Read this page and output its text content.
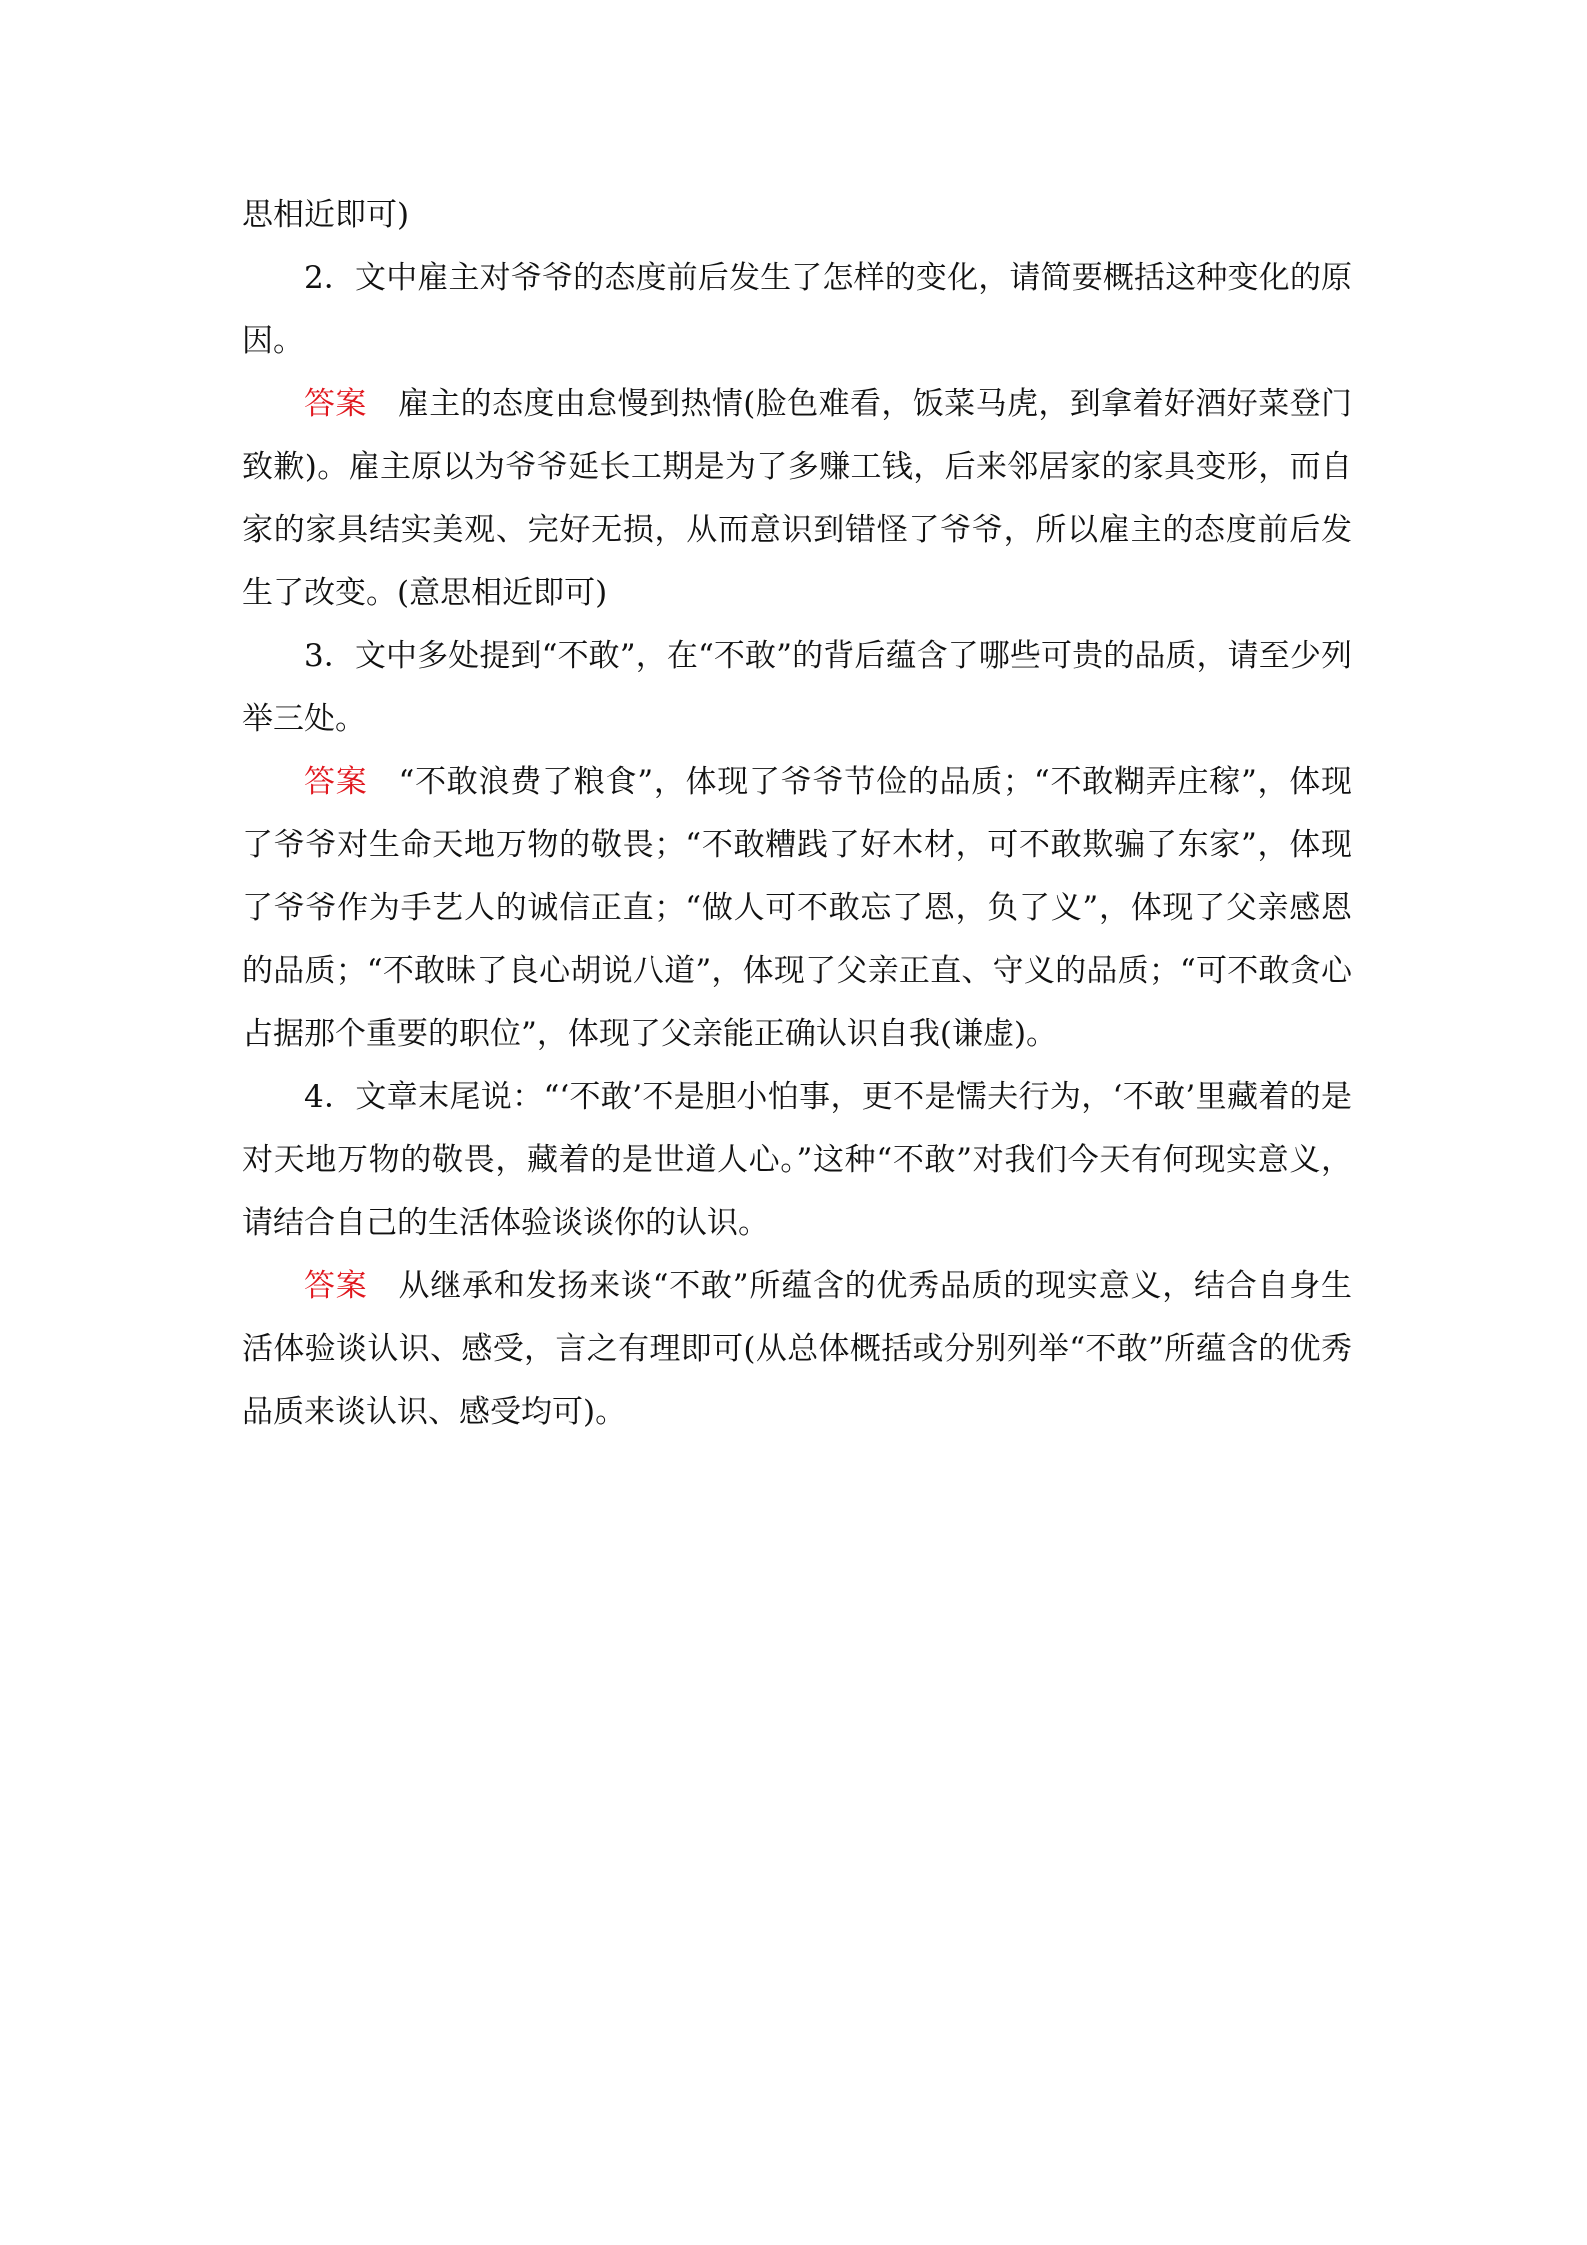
思相近即可)

2．文中雇主对爷爷的态度前后发生了怎样的变化，请简要概括这种变化的原因。

答案 雇主的态度由怠慢到热情(脸色难看，饭菜马虎，到拿着好酒好菜登门致歉)。雇主原以为爷爷延长工期是为了多赚工钱，后来邻居家的家具变形，而自家的家具结实美观、完好无损，从而意识到错怪了爷爷，所以雇主的态度前后发生了改变。(意思相近即可)

3．文中多处提到“不敢”，在“不敢”的背后蕴含了哪些可贵的品质，请至少列举三处。

答案 “不敢浪费了粮食”，体现了爷爷节俭的品质；“不敢糊弄庄稼”，体现了爷爷对生命天地万物的敬畏；“不敢糟践了好木材，可不敢欺骗了东家”，体现了爷爷作为手艺人的诚信正直；“做人可不敢忘了恩，负了义”，体现了父亲感恩的品质；“不敢昧了良心胡说八道”，体现了父亲正直、守义的品质；“可不敢贪心占据那个重要的职位”，体现了父亲能正确认识自我(谦虚)。

4．文章末尾说：“‘不敢’不是胆小怕事，更不是懦夫行为，‘不敢’里藏着的是对天地万物的敬畏，藏着的是世道人心。”这种“不敢”对我们今天有何现实意义，请结合自己的生活体验谈谈你的认识。

答案 从继承和发扬来谈“不敢”所蕴含的优秀品质的现实意义，结合自身生活体验谈认识、感受，言之有理即可(从总体概括或分别列举“不敢”所蕴含的优秀品质来谈认识、感受均可)。
